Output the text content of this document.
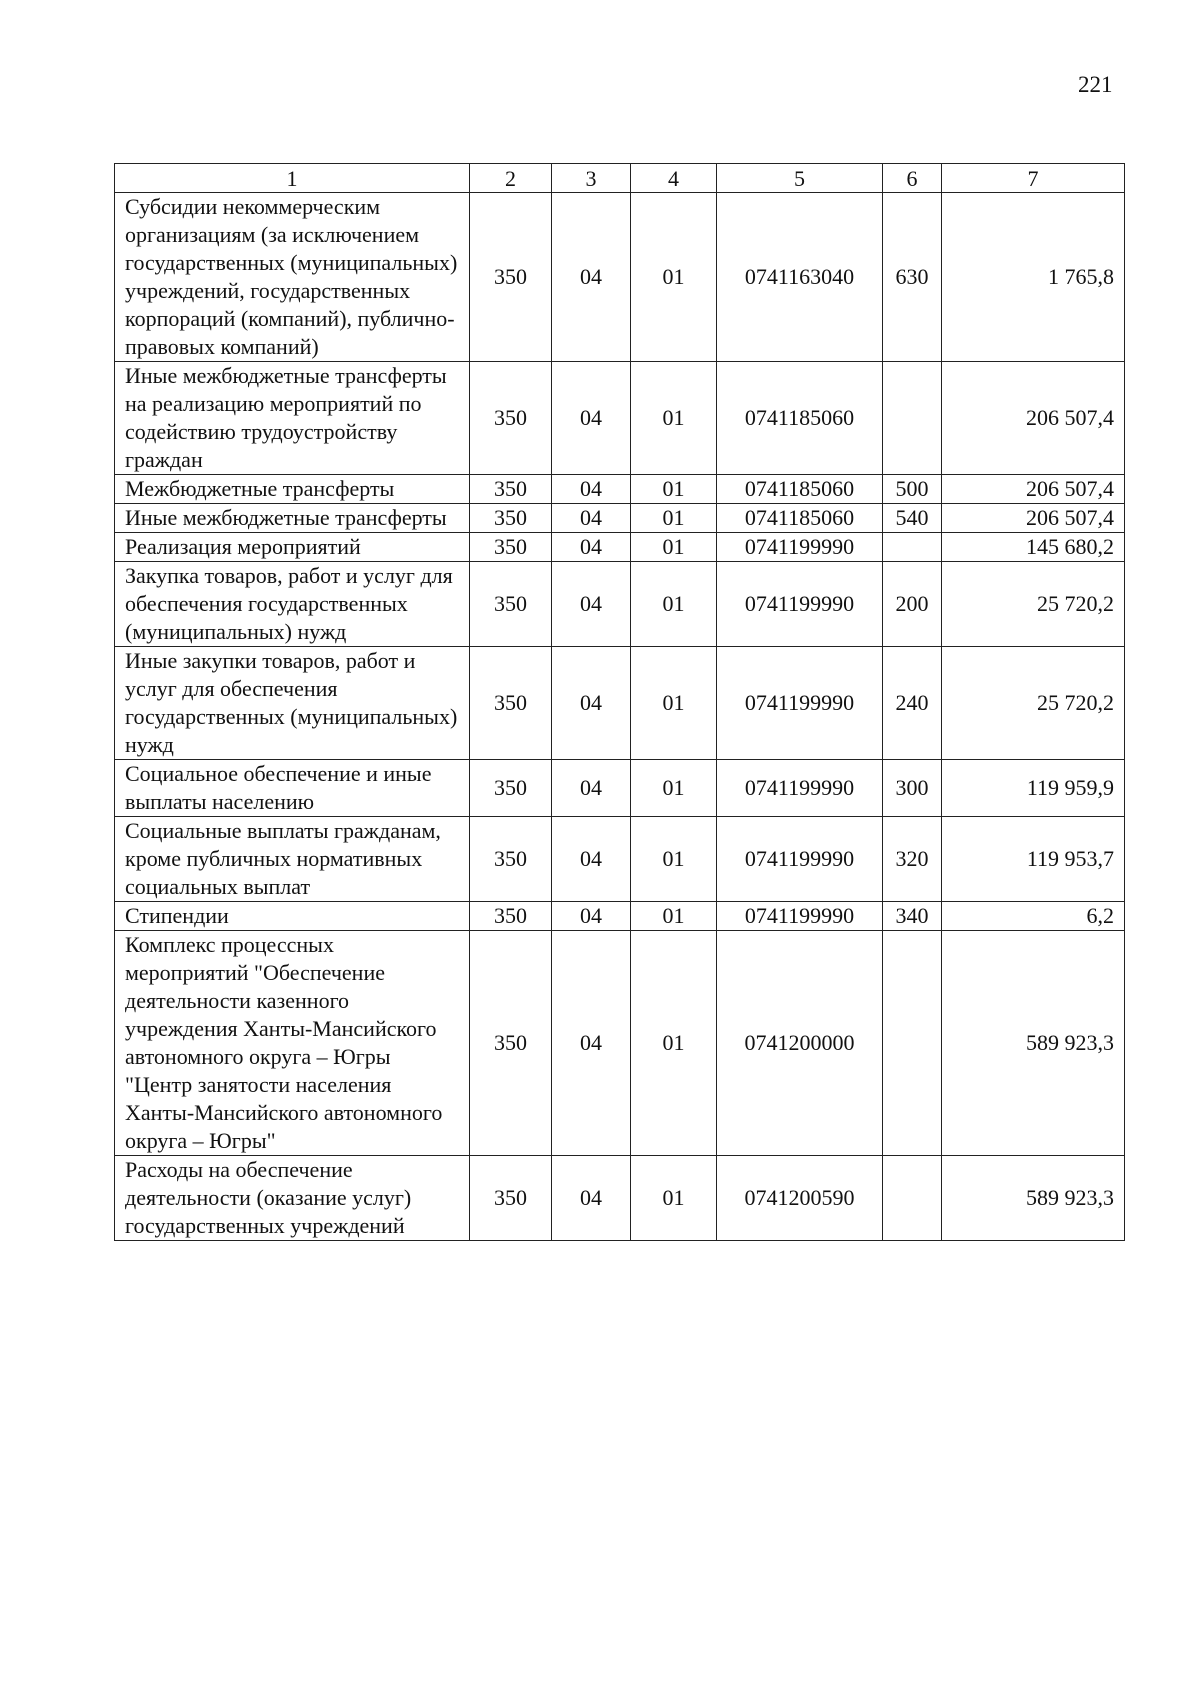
221
1	2	3	4	5	6	7
Субсидии некоммерческим организациям (за исключением государственных (муниципальных) учреждений, государственных корпораций (компаний), публично-правовых компаний)	350	04	01	0741163040	630	1 765,8
Иные межбюджетные трансферты на реализацию мероприятий по содействию трудоустройству граждан	350	04	01	0741185060		206 507,4
Межбюджетные трансферты	350	04	01	0741185060	500	206 507,4
Иные межбюджетные трансферты	350	04	01	0741185060	540	206 507,4
Реализация мероприятий	350	04	01	0741199990		145 680,2
Закупка товаров, работ и услуг для обеспечения государственных (муниципальных) нужд	350	04	01	0741199990	200	25 720,2
Иные закупки товаров, работ и услуг для обеспечения государственных (муниципальных) нужд	350	04	01	0741199990	240	25 720,2
Социальное обеспечение и иные выплаты населению	350	04	01	0741199990	300	119 959,9
Социальные выплаты гражданам, кроме публичных нормативных социальных выплат	350	04	01	0741199990	320	119 953,7
Стипендии	350	04	01	0741199990	340	6,2
Комплекс процессных мероприятий "Обеспечение деятельности казенного учреждения Ханты-Мансийского автономного округа – Югры "Центр занятости населения Ханты-Мансийского автономного округа – Югры"	350	04	01	0741200000		589 923,3
Расходы на обеспечение деятельности (оказание услуг) государственных учреждений	350	04	01	0741200590		589 923,3
